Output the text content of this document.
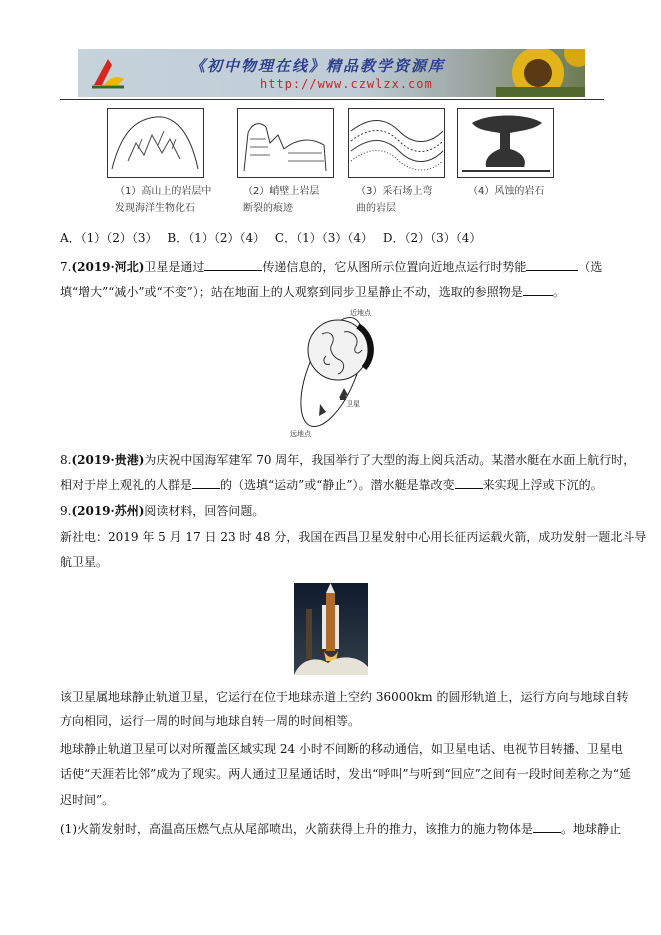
《初中物理在线》精品教学资源库
http://www.czwlzx.com
（1）高山上的岩层中
发现海洋生物化石
（2）峭壁上岩层
断裂的痕迹
（3）采石场上弯
曲的岩层
（4）风蚀的岩石
A．（1）（2）（3）　 B．（1）（2）（4）　 C．（1）（3）（4）　 D．（2）（3）（4）
7.(2019·河北)卫星是通过	传递信息的，它从图所示位置向近地点运行时势能	（选
填“增大”“减小”或“不变”）；站在地面上的人观察到同步卫星静止不动，选取的参照物是	。
近地点
卫星
远地点
8.(2019·贵港)为庆祝中国海军建军 70 周年，我国举行了大型的海上阅兵活动。某潜水艇在水面上航行时，
相对于岸上观礼的人群是 的（选填“运动”或“静止”）。潜水艇是靠改变 来实现上浮或下沉的。
9.(2019·苏州)阅读材料，回答问题。
新社电：2019 年 5 月 17 日 23 时 48 分，我国在西昌卫星发射中心用长征丙运载火箭，成功发射一题北斗导
航卫星。
该卫星属地球静止轨道卫星，它运行在位于地球赤道上空约 36000km 的圆形轨道上，运行方向与地球自转
方向相同，运行一周的时间与地球自转一周的时间相等。
地球静止轨道卫星可以对所覆盖区域实现 24 小时不间断的移动通信，如卫星电话、电视节目转播、卫星电
话使“天涯若比邻”成为了现实。两人通过卫星通话时，发出“呼叫”与听到“回应”之间有一段时间差称之为“延
迟时间”。
(1)火箭发射时，高温高压燃气点从尾部喷出，火箭获得上升的推力，该推力的施力物体是 。地球静止
